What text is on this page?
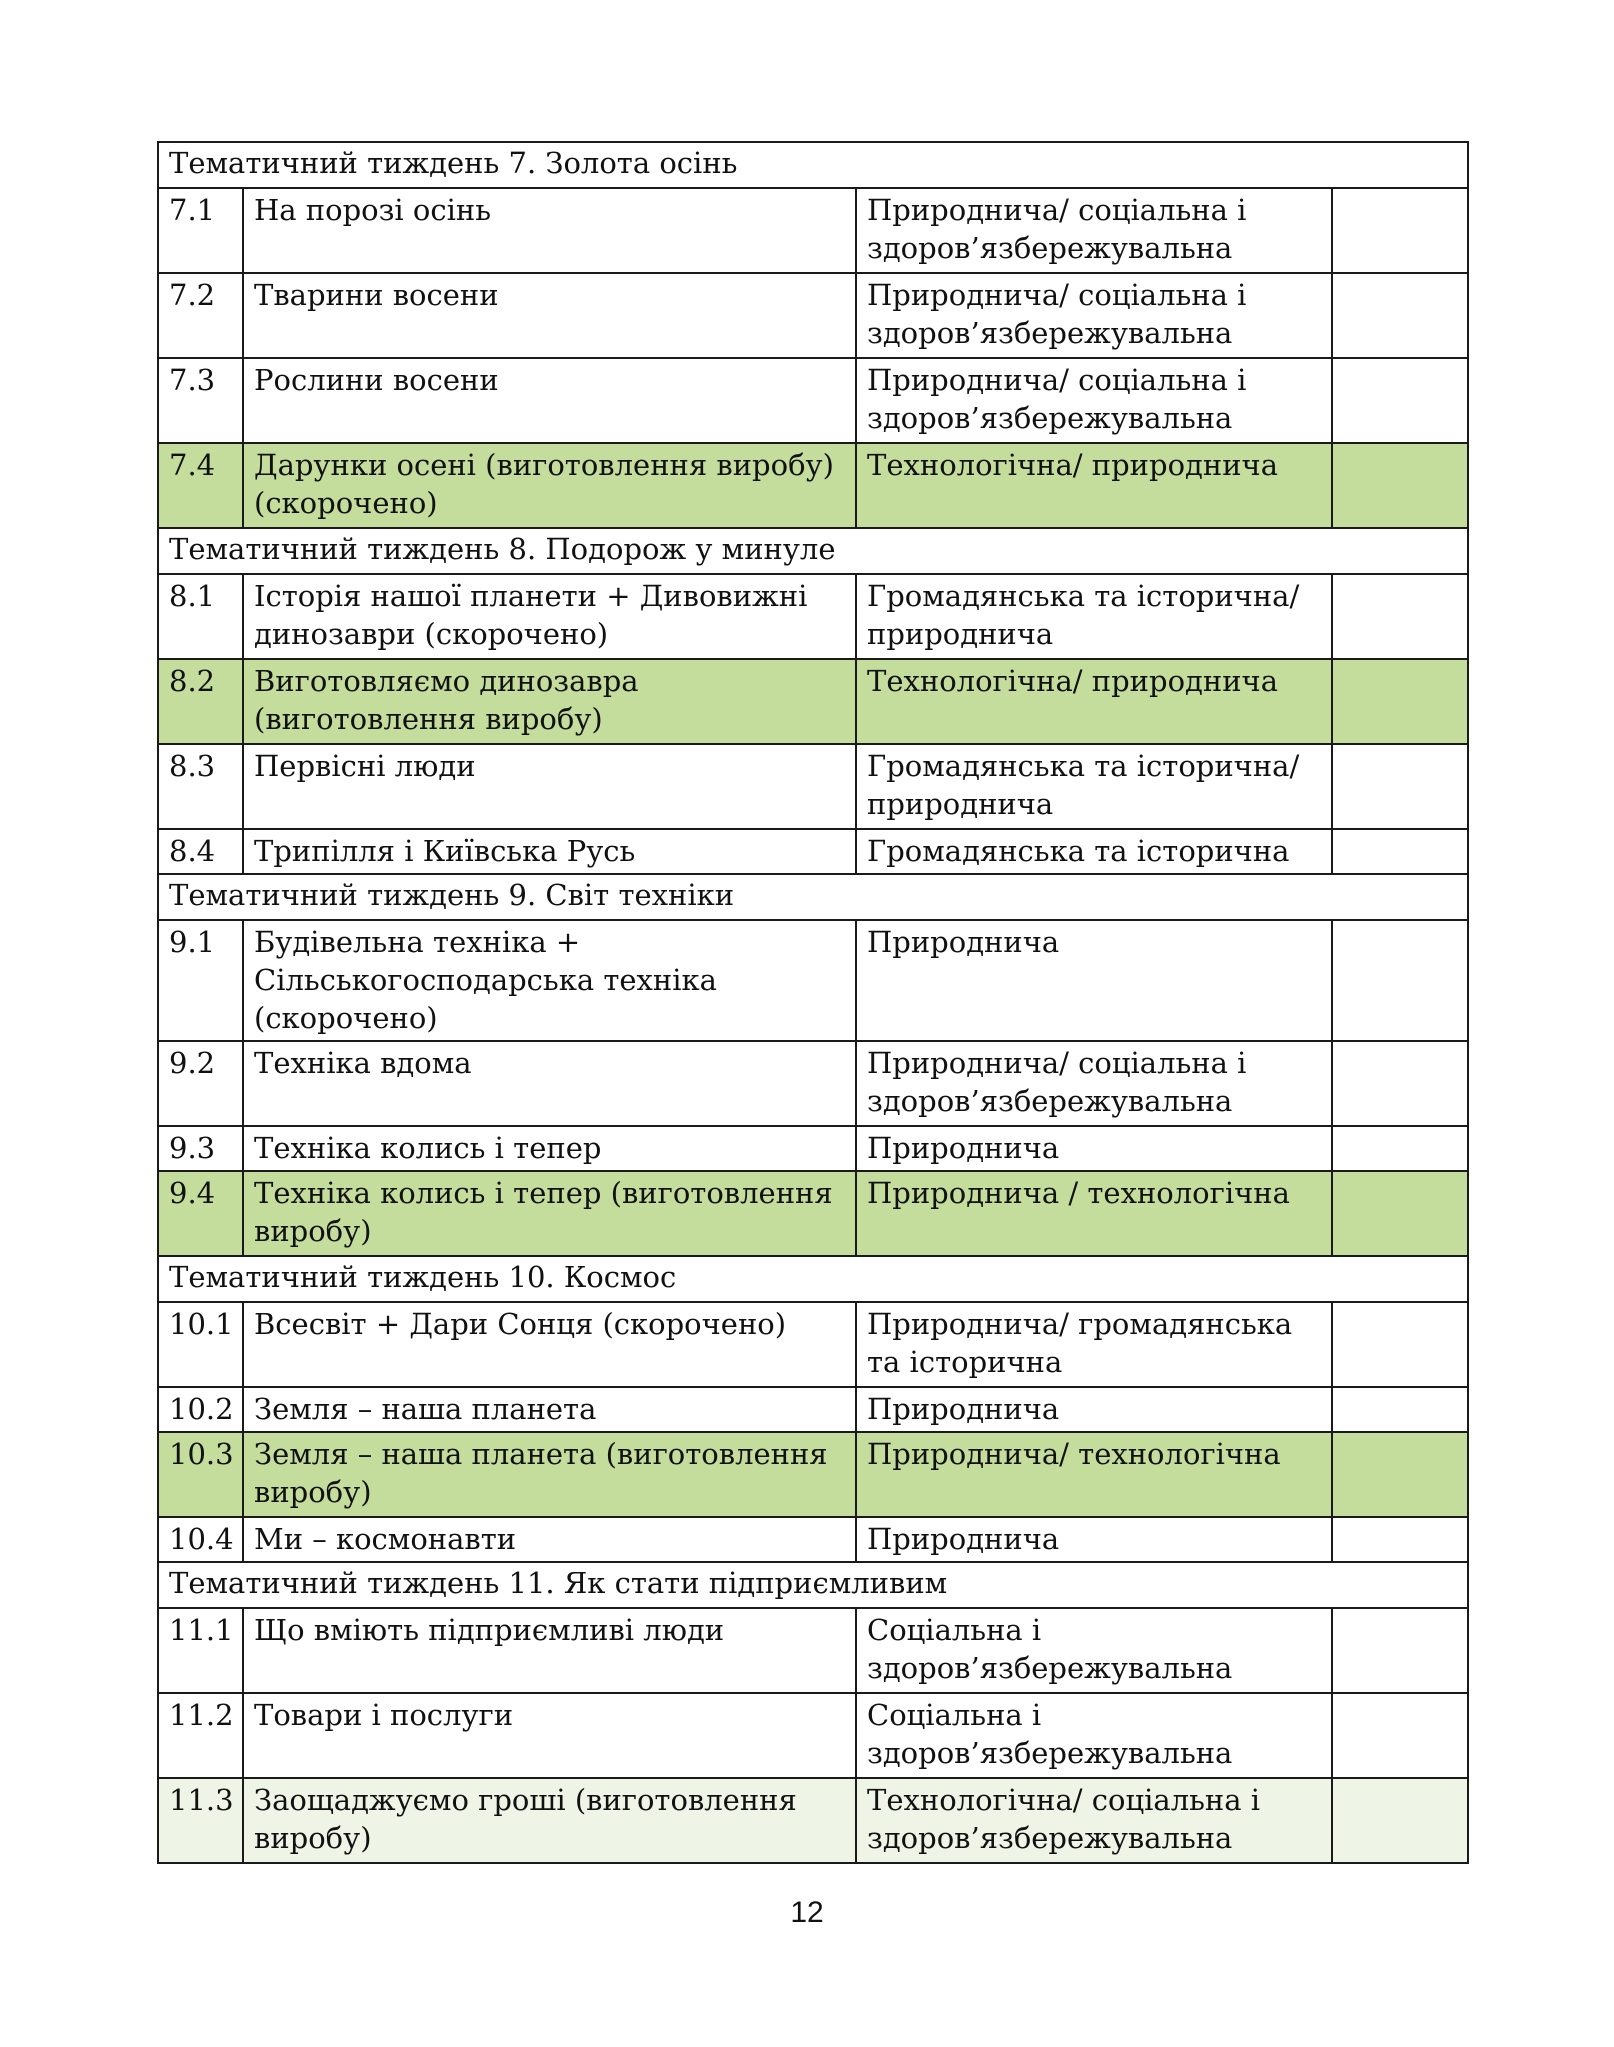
Тематичний тиждень 7. Золота осінь			
7.1	На порозі осінь	Природнича/ соціальна і здоров’язбережувальна	
7.2	Тварини восени	Природнича/ соціальна і здоров’язбережувальна	
7.3	Рослини восени	Природнича/ соціальна і здоров’язбережувальна	
7.4	Дарунки осені (виготовлення виробу) (скорочено)	Технологічна/ природнича	
Тематичний тиждень 8. Подорож у минуле			
8.1	Історія нашої планети + Дивовижні динозаври (скорочено)	Громадянська та історична/ природнича	
8.2	Виготовляємо динозавра (виготовлення виробу)	Технологічна/ природнича	
8.3	Первісні люди	Громадянська та історична/ природнича	
8.4	Трипілля і Київська Русь	Громадянська та історична	
Тематичний тиждень 9. Світ техніки			
9.1	Будівельна техніка + Сільськогосподарська техніка (скорочено)	Природнича	
9.2	Техніка вдома	Природнича/ соціальна і здоров’язбережувальна	
9.3	Техніка колись і тепер	Природнича	
9.4	Техніка колись і тепер (виготовлення виробу)	Природнича / технологічна	
Тематичний тиждень 10. Космос			
10.1	Всесвіт + Дари Сонця (скорочено)	Природнича/ громадянська та історична	
10.2	Земля – наша планета	Природнича	
10.3	Земля – наша планета (виготовлення виробу)	Природнича/ технологічна	
10.4	Ми – космонавти	Природнича	
Тематичний тиждень 11. Як стати підприємливим			
11.1	Що вміють підприємливі люди	Соціальна і здоров’язбережувальна	
11.2	Товари і послуги	Соціальна і здоров’язбережувальна	
11.3	Заощаджуємо гроші (виготовлення виробу)	Технологічна/ соціальна і здоров’язбережувальна	
12
